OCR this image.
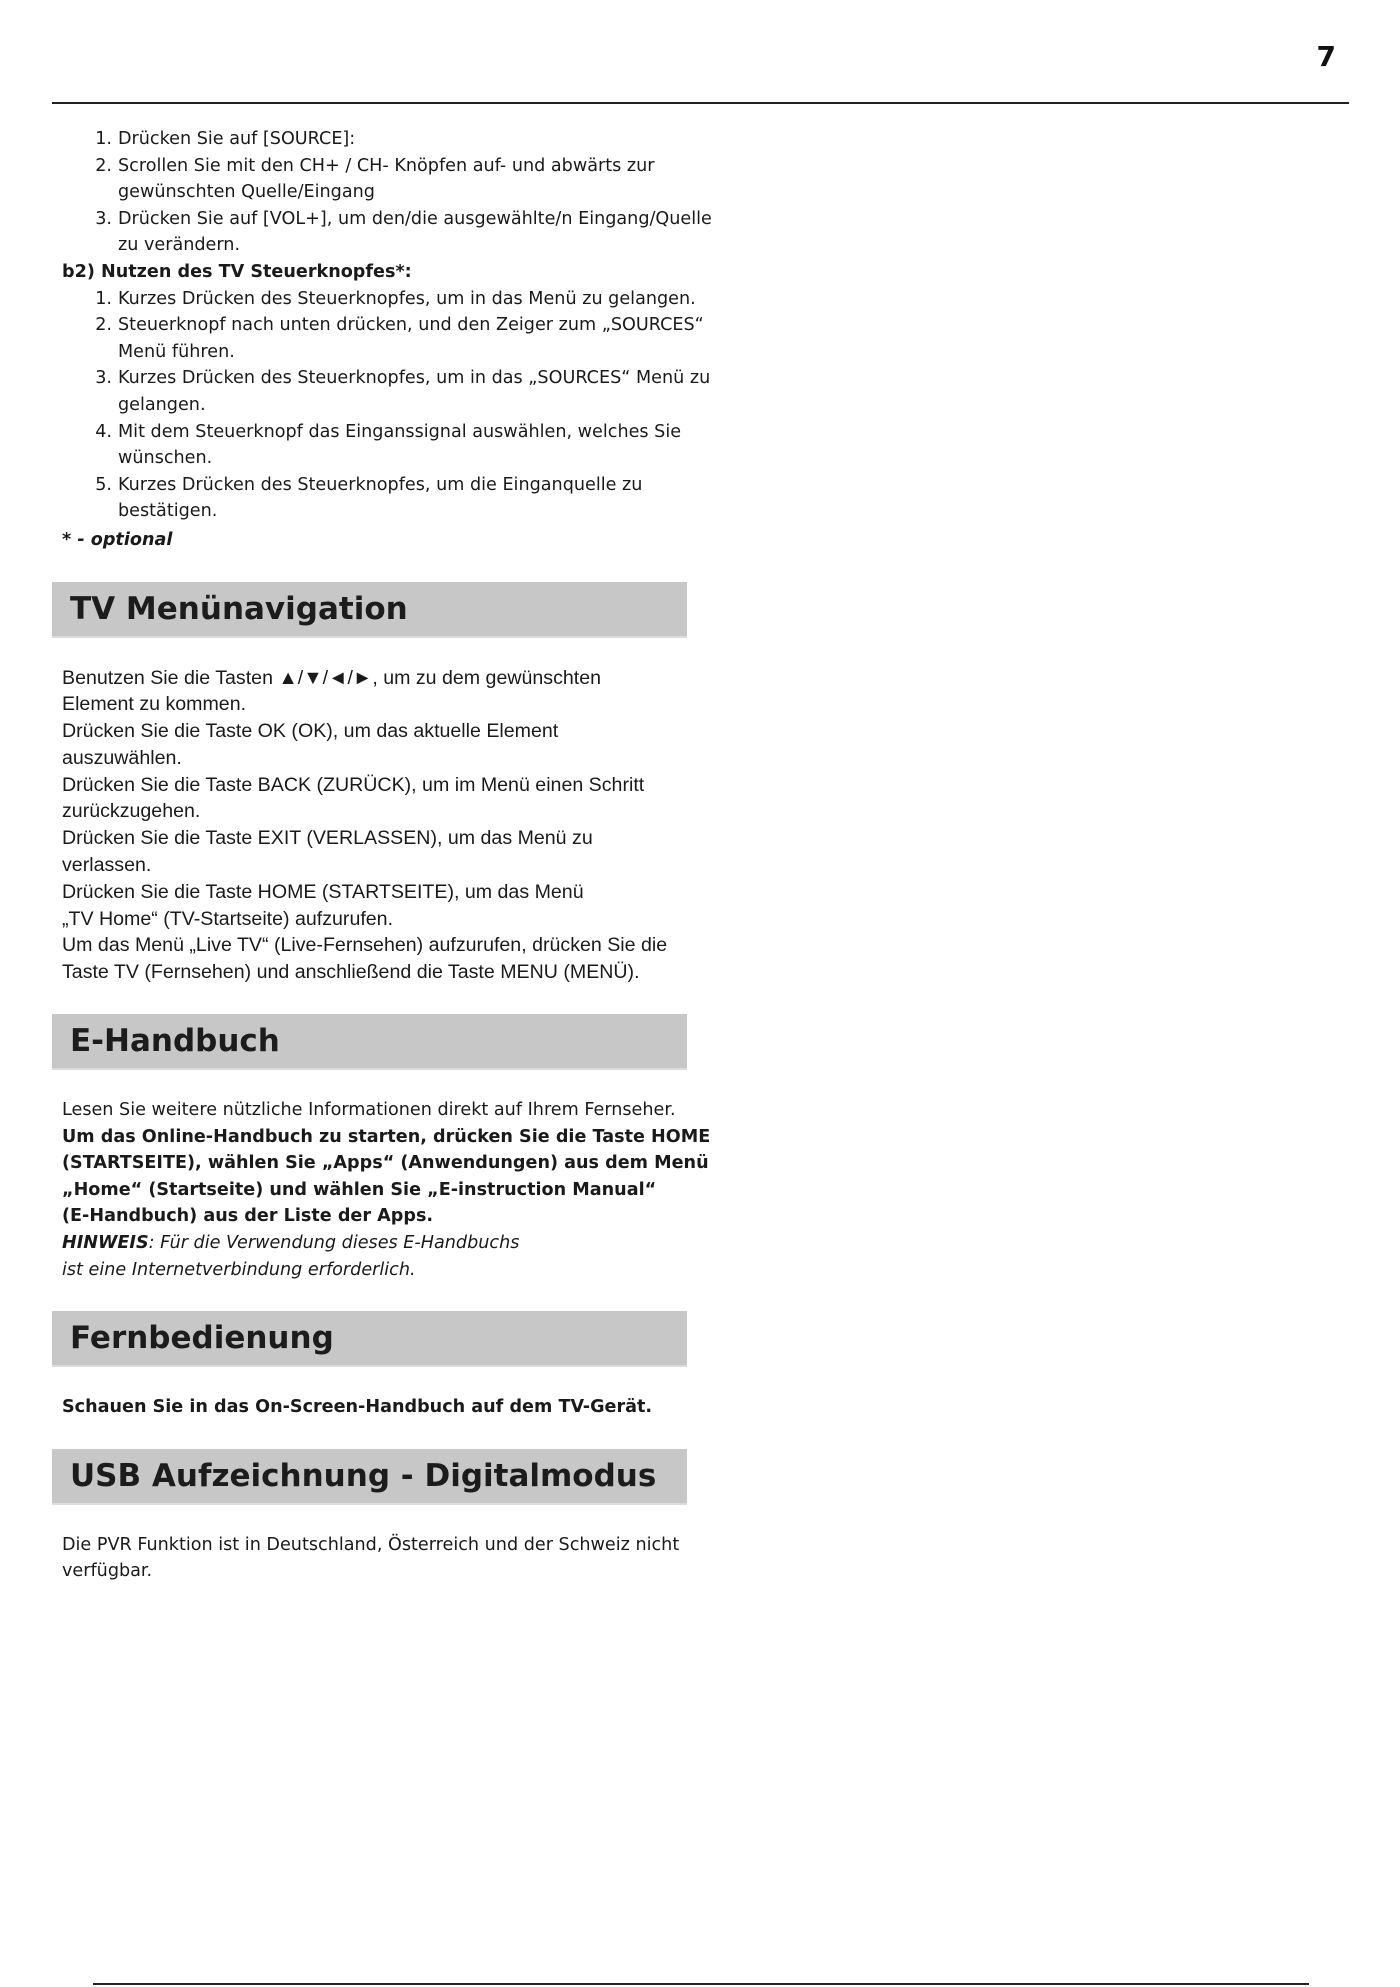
7
1. Drücken Sie auf [SOURCE]:
2. Scrollen Sie mit den CH+ / CH- Knöpfen auf- und abwärts zur
gewünschten Quelle/Eingang
3. Drücken Sie auf [VOL+], um den/die ausgewählte/n Eingang/Quelle
zu verändern.
b2) Nutzen des TV Steuerknopfes*:
1. Kurzes Drücken des Steuerknopfes, um in das Menü zu gelangen.
2. Steuerknopf nach unten drücken, und den Zeiger zum „SOURCES“
Menü führen.
3. Kurzes Drücken des Steuerknopfes, um in das „SOURCES“ Menü zu
gelangen.
4. Mit dem Steuerknopf das Einganssignal auswählen, welches Sie
wünschen.
5. Kurzes Drücken des Steuerknopfes, um die Einganquelle zu
bestätigen.
* - optional
TV Menünavigation
Benutzen Sie die Tasten ▲/▼/◄/►, um zu dem gewünschten
Element zu kommen.
Drücken Sie die Taste OK (OK), um das aktuelle Element
auszuwählen.
Drücken Sie die Taste BACK (ZURÜCK), um im Menü einen Schritt
zurückzugehen.
Drücken Sie die Taste EXIT (VERLASSEN), um das Menü zu
verlassen.
Drücken Sie die Taste HOME (STARTSEITE), um das Menü
„TV Home“ (TV-Startseite) aufzurufen.
Um das Menü „Live TV“ (Live-Fernsehen) aufzurufen, drücken Sie die
Taste TV (Fernsehen) und anschließend die Taste MENU (MENÜ).
E-Handbuch
Lesen Sie weitere nützliche Informationen direkt auf Ihrem Fernseher.
Um das Online-Handbuch zu starten, drücken Sie die Taste HOME
(STARTSEITE), wählen Sie „Apps“ (Anwendungen) aus dem Menü
„Home“ (Startseite) und wählen Sie „E-instruction Manual“
(E-Handbuch) aus der Liste der Apps.
HINWEIS: Für die Verwendung dieses E-Handbuchs
ist eine Internetverbindung erforderlich.
Fernbedienung
Schauen Sie in das On-Screen-Handbuch auf dem TV-Gerät.
USB Aufzeichnung - Digitalmodus
Die PVR Funktion ist in Deutschland, Österreich und der Schweiz nicht
verfügbar.
